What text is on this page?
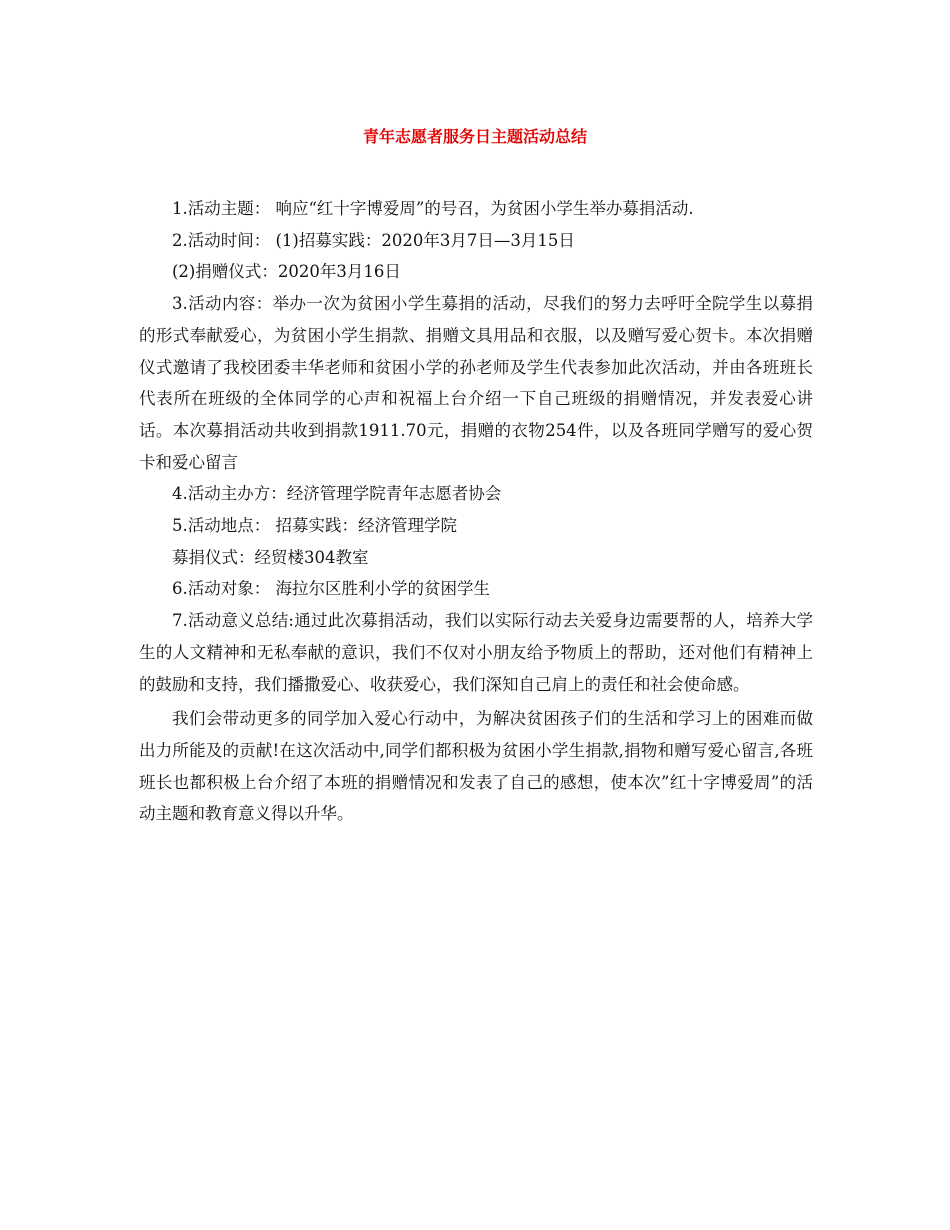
青年志愿者服务日主题活动总结

1.活动主题： 响应“红十字博爱周”的号召，为贫困小学生举办募捐活动.

2.活动时间： (1)招募实践：2020年3月7日—3月15日

(2)捐赠仪式：2020年3月16日

3.活动内容：举办一次为贫困小学生募捐的活动，尽我们的努力去呼吁全院学生以募捐的形式奉献爱心，为贫困小学生捐款、捐赠文具用品和衣服，以及赠写爱心贺卡。本次捐赠仪式邀请了我校团委丰华老师和贫困小学的孙老师及学生代表参加此次活动，并由各班班长代表所在班级的全体同学的心声和祝福上台介绍一下自己班级的捐赠情况，并发表爱心讲话。本次募捐活动共收到捐款1911.70元，捐赠的衣物254件，以及各班同学赠写的爱心贺卡和爱心留言

4.活动主办方：经济管理学院青年志愿者协会

5.活动地点： 招募实践：经济管理学院

募捐仪式：经贸楼304教室

6.活动对象： 海拉尔区胜利小学的贫困学生

7.活动意义总结:通过此次募捐活动，我们以实际行动去关爱身边需要帮的人，培养大学生的人文精神和无私奉献的意识，我们不仅对小朋友给予物质上的帮助，还对他们有精神上的鼓励和支持，我们播撒爱心、收获爱心，我们深知自己肩上的责任和社会使命感。

我们会带动更多的同学加入爱心行动中，为解决贫困孩子们的生活和学习上的困难而做出力所能及的贡献!在这次活动中,同学们都积极为贫困小学生捐款,捐物和赠写爱心留言,各班班长也都积极上台介绍了本班的捐赠情况和发表了自己的感想，使本次”红十字博爱周”的活动主题和教育意义得以升华。
